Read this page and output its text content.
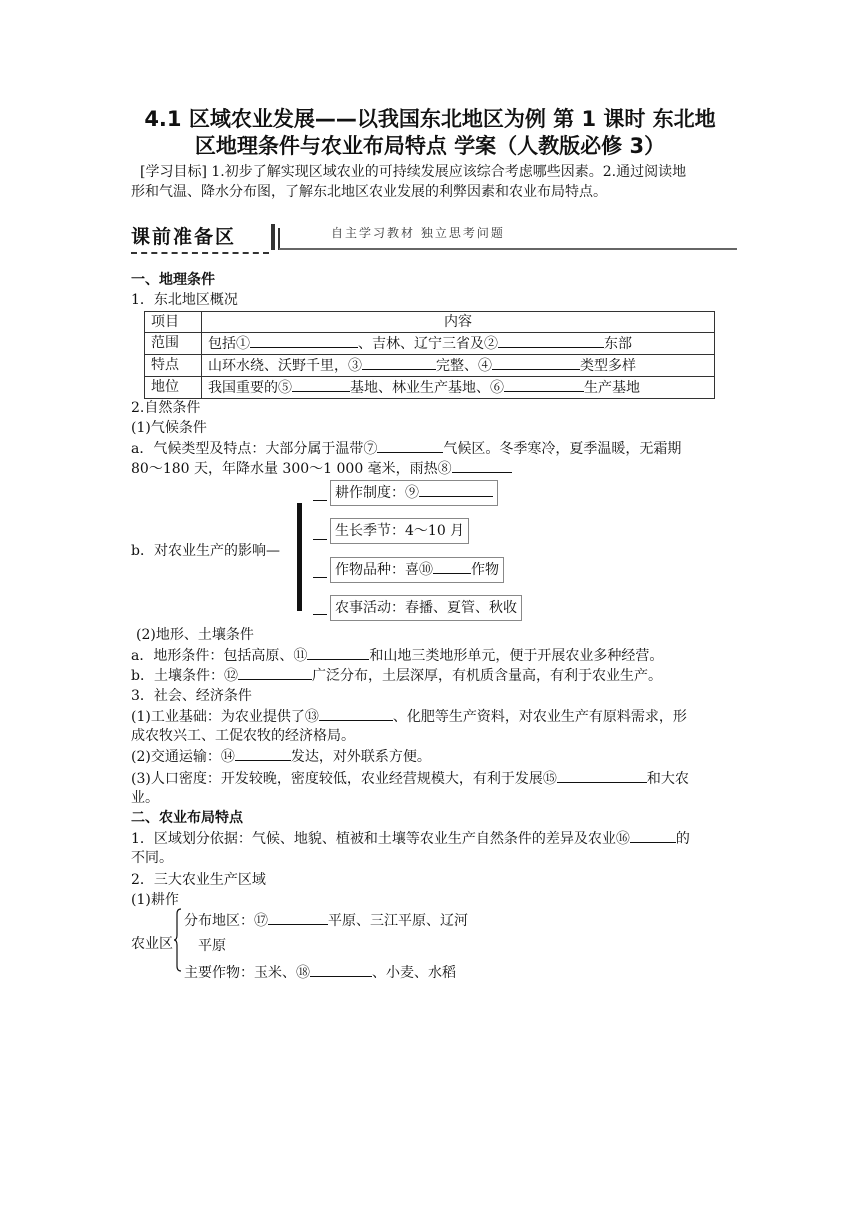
4.1 区域农业发展——以我国东北地区为例 第 1 课时 东北地
区地理条件与农业布局特点 学案（人教版必修 3）
[学习目标] 1.初步了解实现区域农业的可持续发展应该综合考虑哪些因素。2.通过阅读地
形和气温、降水分布图，了解东北地区农业发展的利弊因素和农业布局特点。
课前准备区	自主学习教材 独立思考问题
一、地理条件
1．东北地区概况
项目	内容
范围	包括① 、吉林、辽宁三省及② 东部
特点	山环水绕、沃野千里，③ 完整、④ 类型多样
地位	我国重要的⑤ 基地、林业生产基地、⑥ 生产基地
2.自然条件
(1)气候条件
a．气候类型及特点：大部分属于温带⑦	气候区。冬季寒冷，夏季温暖，无霜期
80～180 天，年降水量 300～1 000 毫米，雨热⑧
b．对农业生产的影响—
耕作制度：⑨
生长季节：4～10 月
作物品种：喜⑩	作物
农事活动：春播、夏管、秋收
(2)地形、土壤条件
a．地形条件：包括高原、⑪	和山地三类地形单元，便于开展农业多种经营。
b．土壤条件：⑫	广泛分布，土层深厚，有机质含量高，有利于农业生产。
3．社会、经济条件
(1)工业基础：为农业提供了⑬	、化肥等生产资料，对农业生产有原料需求，形
成农牧兴工、工促农牧的经济格局。
(2)交通运输：⑭	发达，对外联系方便。
(3)人口密度：开发较晚，密度较低，农业经营规模大，有利于发展⑮	和大农
业。
二、农业布局特点
1．区域划分依据：气候、地貌、植被和土壤等农业生产自然条件的差异及农业⑯	的
不同。
2．三大农业生产区域
(1)耕作
农业区
分布地区：⑰	平原、三江平原、辽河
平原
主要作物：玉米、⑱	、小麦、水稻
